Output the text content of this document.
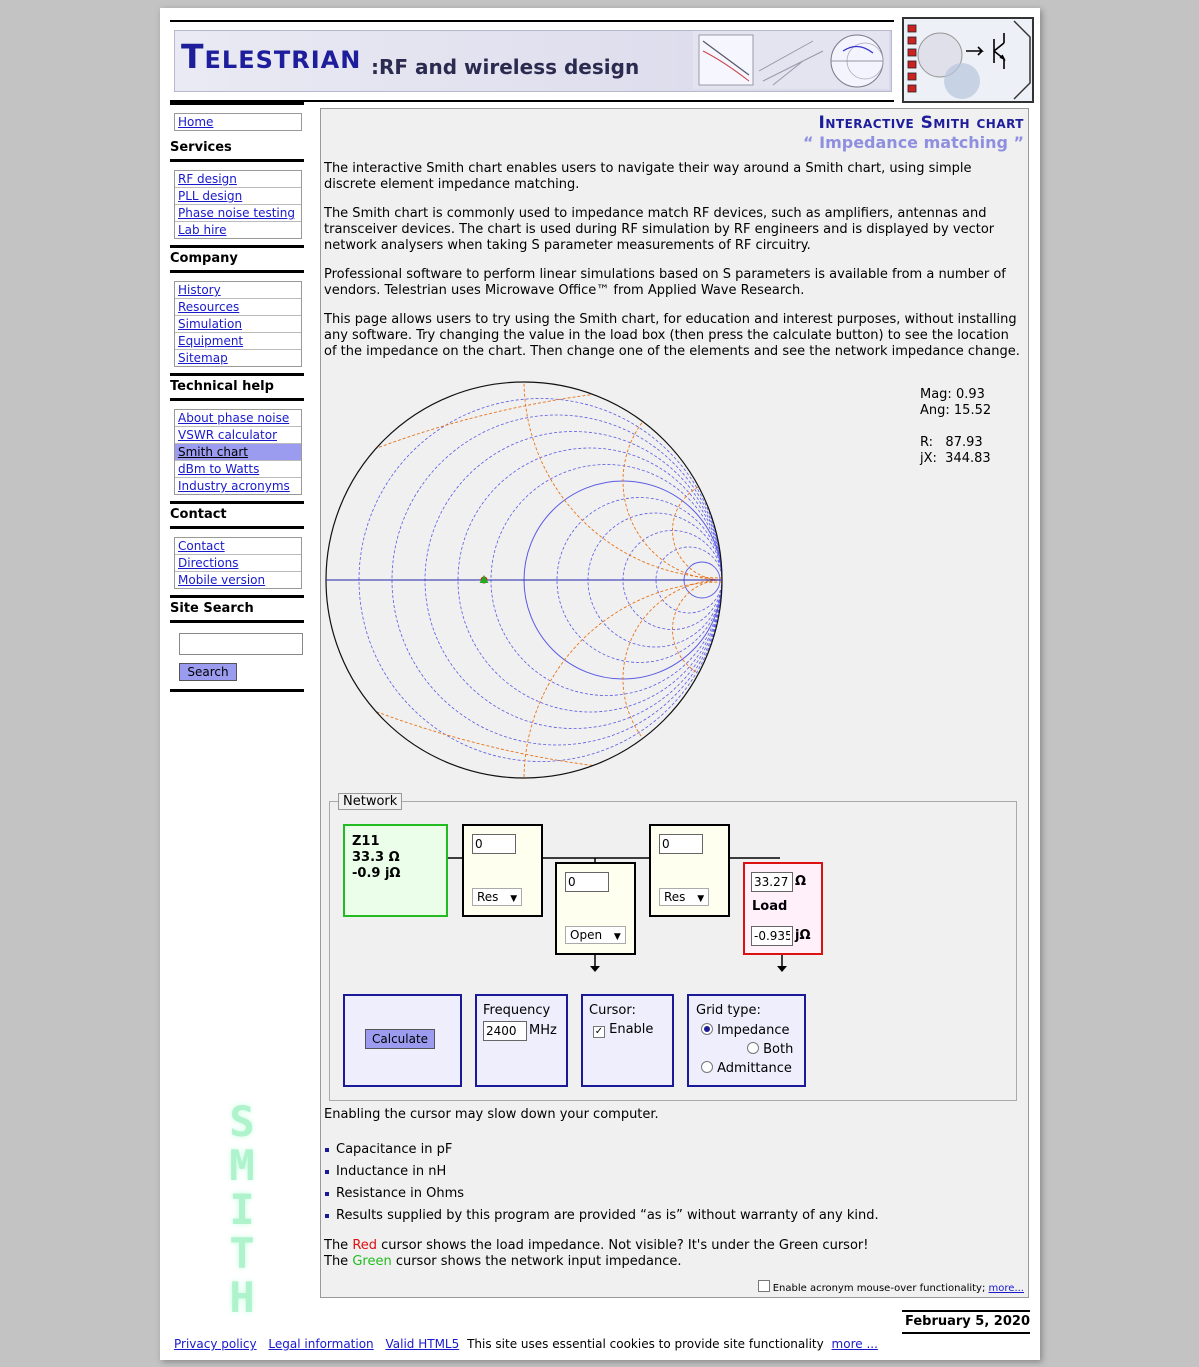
TELESTRIAN :RF and wireless design
Home
Services
RF design
PLL design
Phase noise testing
Lab hire
Company
History
Resources
Simulation
Equipment
Sitemap
Technical help
About phase noise
VSWR calculator
Smith chart
dBm to Watts
Industry acronyms
Contact
Contact
Directions
Mobile version
Site Search
Search
SMITH
Interactive Smith chart
“ Impedance matching ”
The interactive Smith chart enables users to navigate their way around a Smith chart, using simple discrete element impedance matching.
The Smith chart is commonly used to impedance match RF devices, such as amplifiers, antennas and transceiver devices. The chart is used during RF simulation by RF engineers and is displayed by vector network analysers when taking S parameter measurements of RF circuitry.
Professional software to perform linear simulations based on S parameters is available from a number of vendors. Telestrian uses Microwave Office™ from Applied Wave Research.
This page allows users to try using the Smith chart, for education and interest purposes, without installing any software. Try changing the value in the load box (then press the calculate button) to see the location of the impedance on the chart. Then change one of the elements and see the network impedance change.
Mag: 0.93
Ang: 15.52

R: 87.93
jX: 344.83
Network
Z11
33.3 Ω
-0.9 jΩ
0
Res ▼
0
Open ▼
0
Res ▼
33.27
Ω
Load
-0.935
jΩ
Calculate
Frequency
2400
MHz
Cursor:
✓ Enable
Grid type:
Impedance
Both
Admittance
Enabling the cursor may slow down your computer.
Capacitance in pF
Inductance in nH
Resistance in Ohms
Results supplied by this program are provided “as is” without warranty of any kind.
The Red cursor shows the load impedance. Not visible? It's under the Green cursor!
The Green cursor shows the network input impedance.
Enable acronym mouse-over functionality; more...
February 5, 2020
Privacy policy Legal information Valid HTML5 This site uses essential cookies to provide site functionality more ...
